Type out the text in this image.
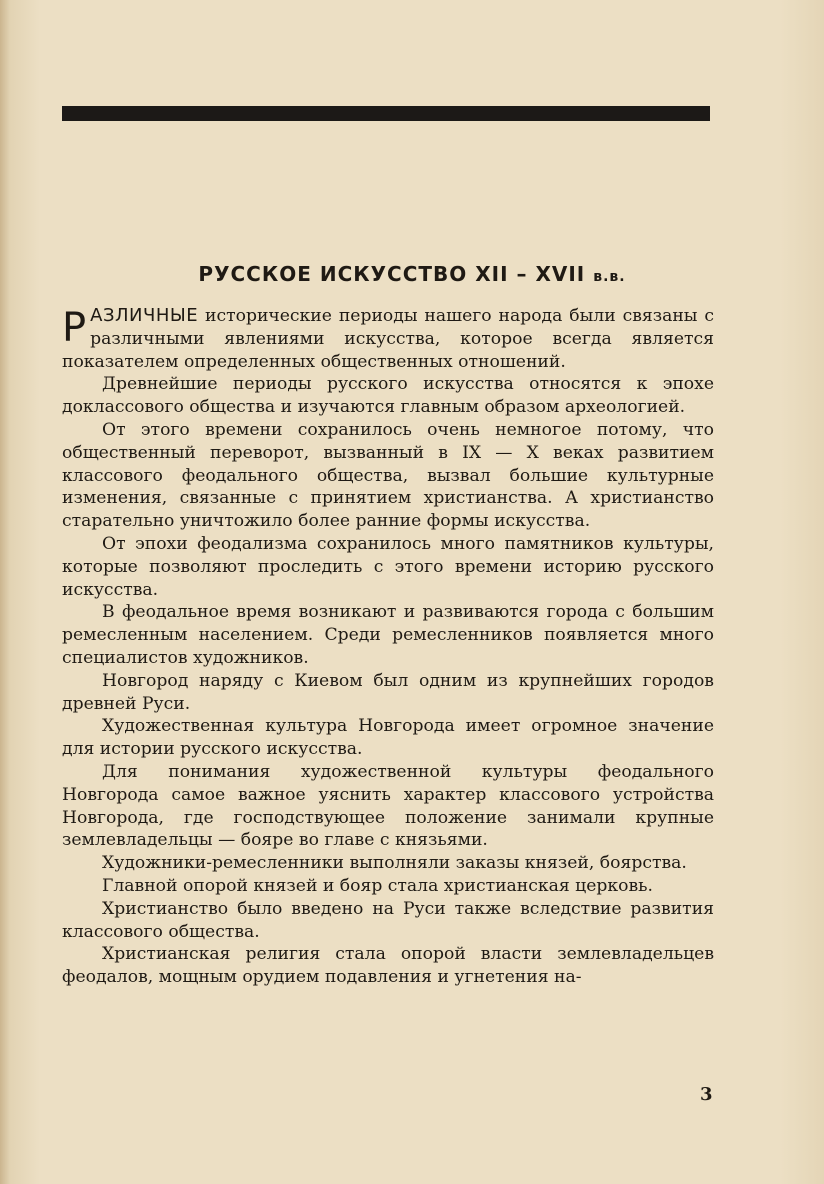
РУССКОЕ ИСКУССТВО XII – XVII в.в.

РАЗЛИЧНЫЕ исторические периоды нашего народа были связаны с различными явлениями искусства, которое всегда является показателем определенных общественных отношений.

Древнейшие периоды русского искусства относятся к эпохе доклассового общества и изучаются главным образом археологией.

От этого времени сохранилось очень немногое потому, что общественный переворот, вызванный в IX — X веках развитием классового феодального общества, вызвал большие культурные изменения, связанные с принятием христианства. А христианство старательно уничтожило более ранние формы искусства.

От эпохи феодализма сохранилось много памятников культуры, которые позволяют проследить с этого времени историю русского искусства.

В феодальное время возникают и развиваются города с большим ремесленным населением. Среди ремесленников появляется много специалистов художников.

Новгород наряду с Киевом был одним из крупнейших городов древней Руси.

Художественная культура Новгорода имеет огромное значение для истории русского искусства.

Для понимания художественной культуры феодального Новгорода самое важное уяснить характер классового устройства Новгорода, где господствующее положение занимали крупные землевладельцы — бояре во главе с князьями.

Художники-ремесленники выполняли заказы князей, боярства.

Главной опорой князей и бояр стала христианская церковь.

Христианство было введено на Руси также вследствие развития классового общества.

Христианская религия стала опорой власти землевладельцев феодалов, мощным орудием подавления и угнетения на-

3
